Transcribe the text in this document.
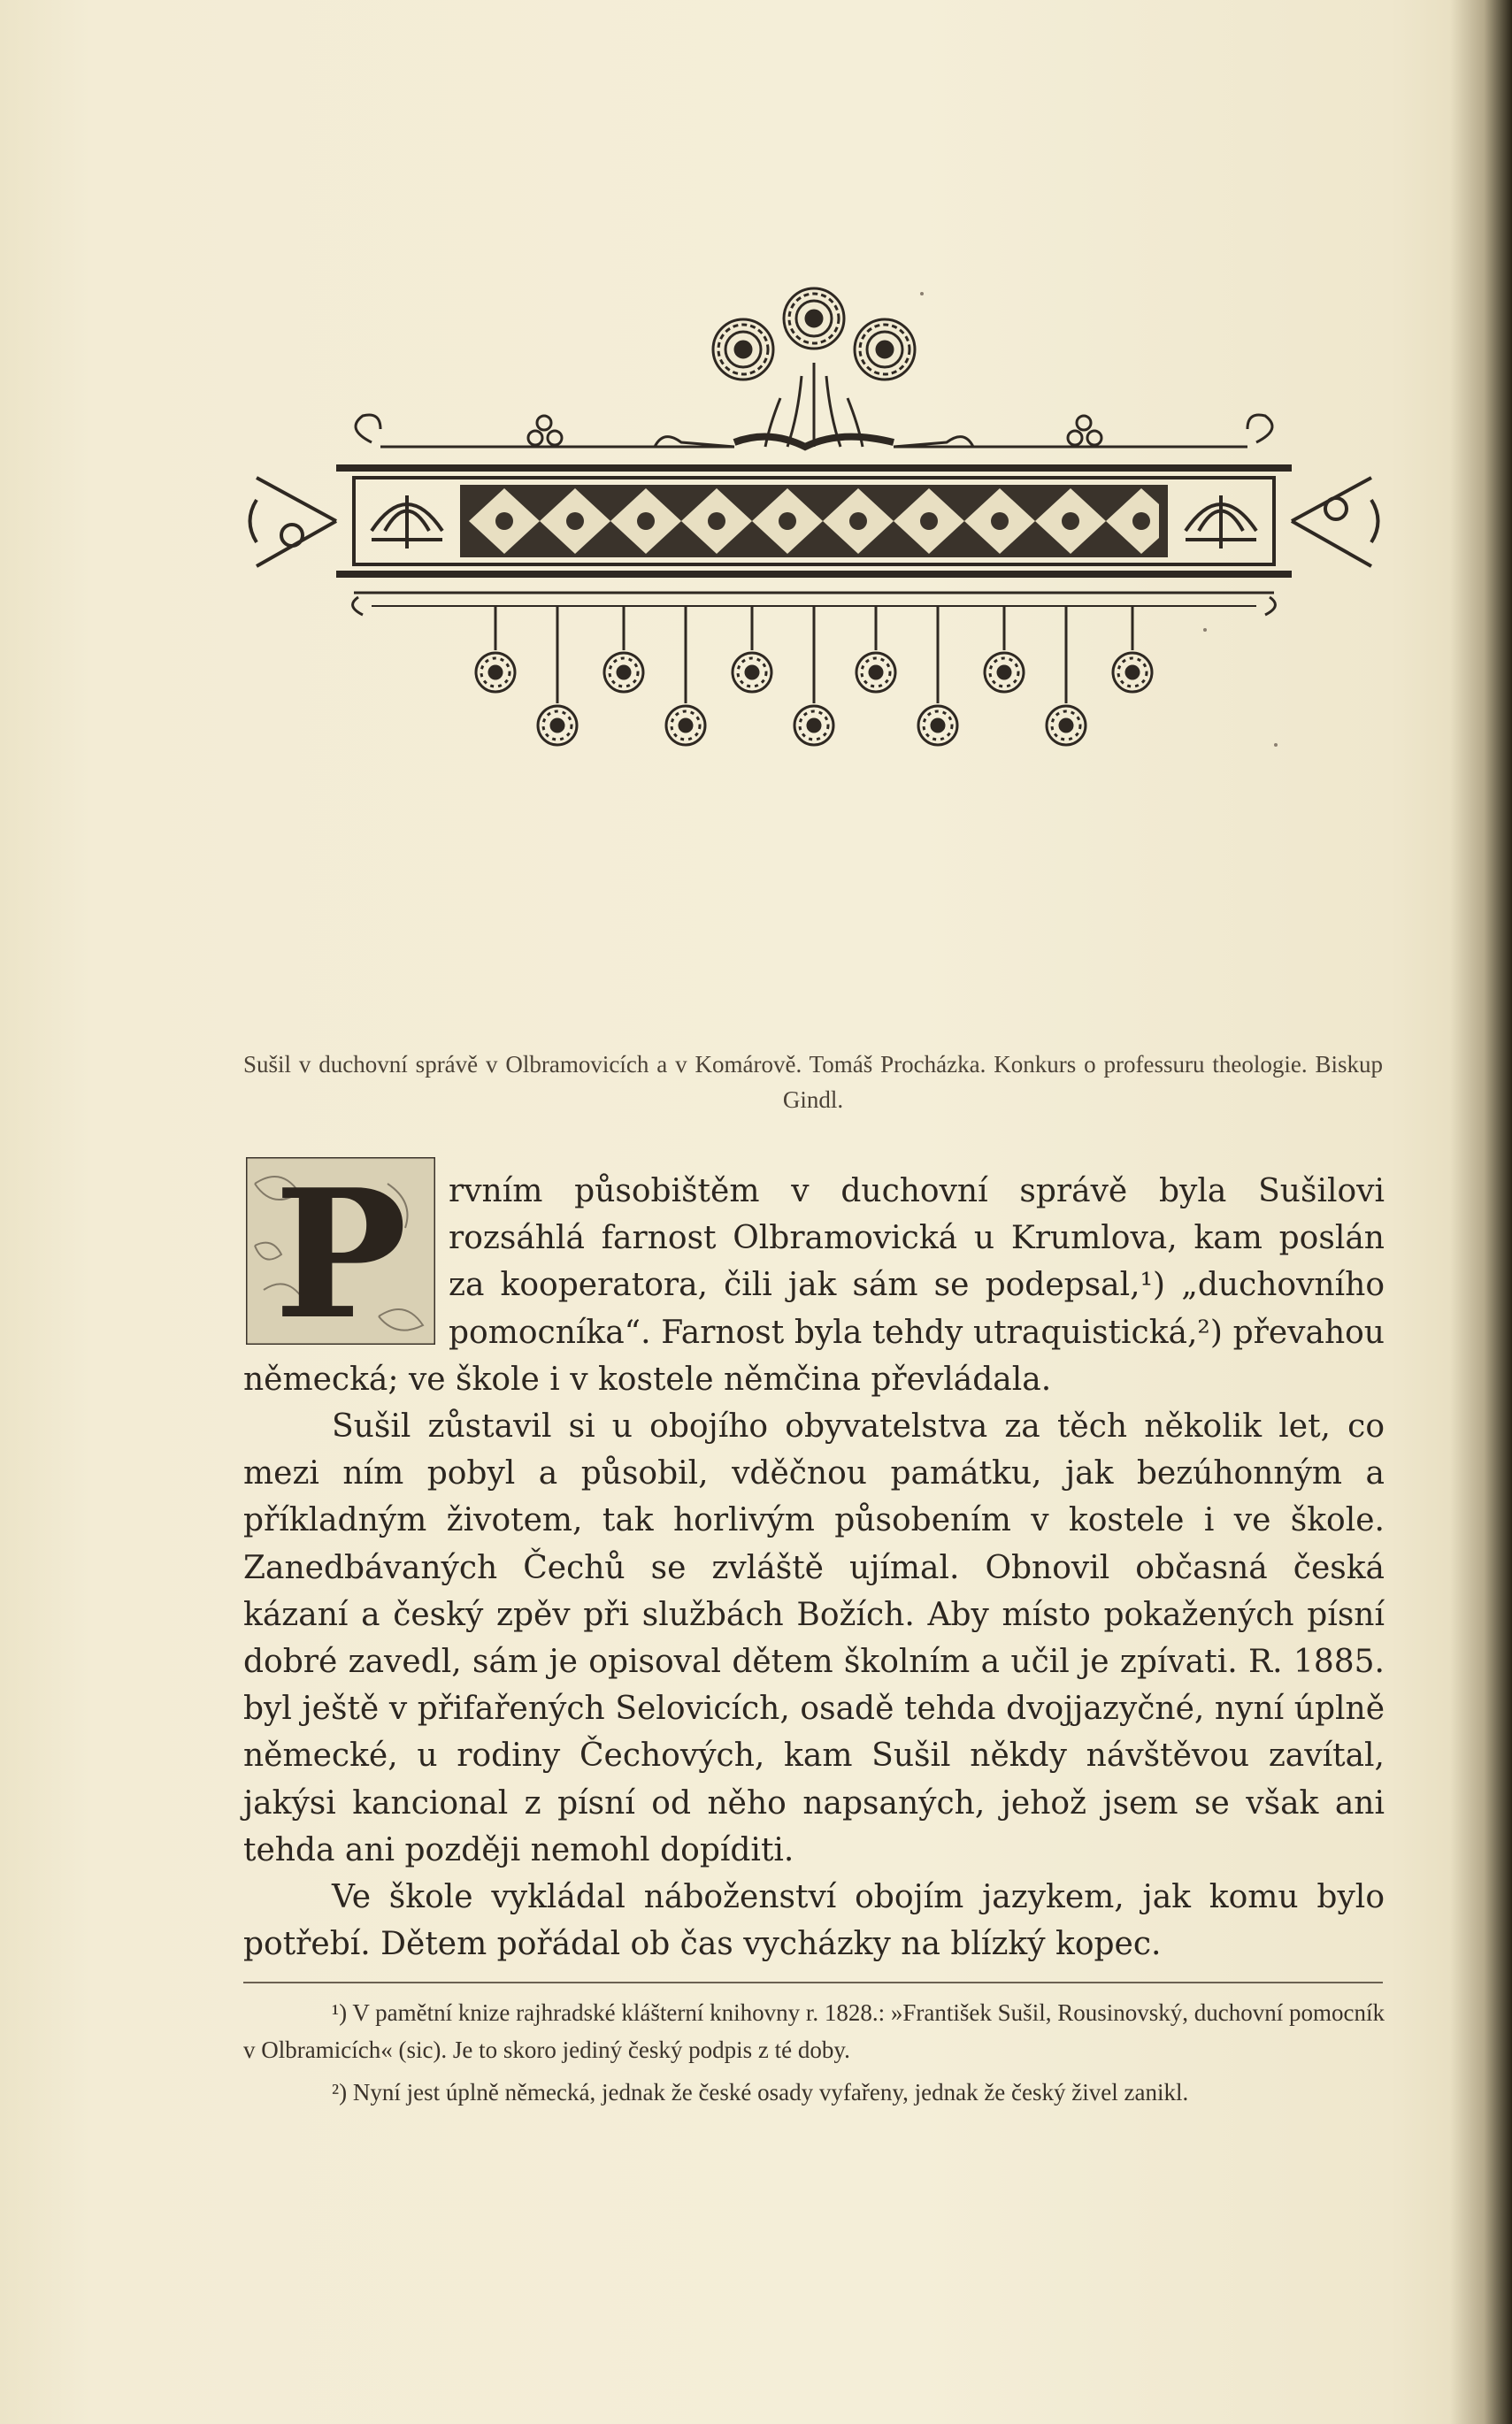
Sušil v duchovní správě v Olbramovicích a v Komárově. Tomáš Procházka. Konkurs o professuru theologie. Biskup Gindl.
P	rvním působištěm v duchovní správě byla Sušilovi rozsáhlá farnost Olbramovická u Krumlova, kam poslán za kooperatora, čili jak sám se podepsal,¹) „duchovního pomocníka“. Farnost byla tehdy utraquistická,²) převahou německá; ve škole i v kostele němčina převládala.

Sušil zůstavil si u obojího obyvatelstva za těch několik let, co mezi ním pobyl a působil, vděčnou památku, jak bezúhonným a příkladným životem, tak horlivým působením v kostele i ve škole. Zanedbávaných Čechů se zvláště ujímal. Obnovil občasná česká kázaní a český zpěv při službách Božích. Aby místo pokažených písní dobré zavedl, sám je opisoval dětem školním a učil je zpívati. R. 1885. byl ještě v přifařených Selovicích, osadě tehda dvojjazyčné, nyní úplně německé, u rodiny Čechových, kam Sušil někdy návštěvou zavítal, jakýsi kancional z písní od něho napsaných, jehož jsem se však ani tehda ani později nemohl dopíditi.

Ve škole vykládal náboženství obojím jazykem, jak komu bylo potřebí. Dětem pořádal ob čas vycházky na blízký kopec.

¹) V pamětní knize rajhradské klášterní knihovny r. 1828.: »František Sušil, Rousinovský, duchovní pomocník v Olbramicích« (sic). Je to skoro jediný český podpis z té doby.

²) Nyní jest úplně německá, jednak že české osady vyfařeny, jednak že český živel zanikl.
